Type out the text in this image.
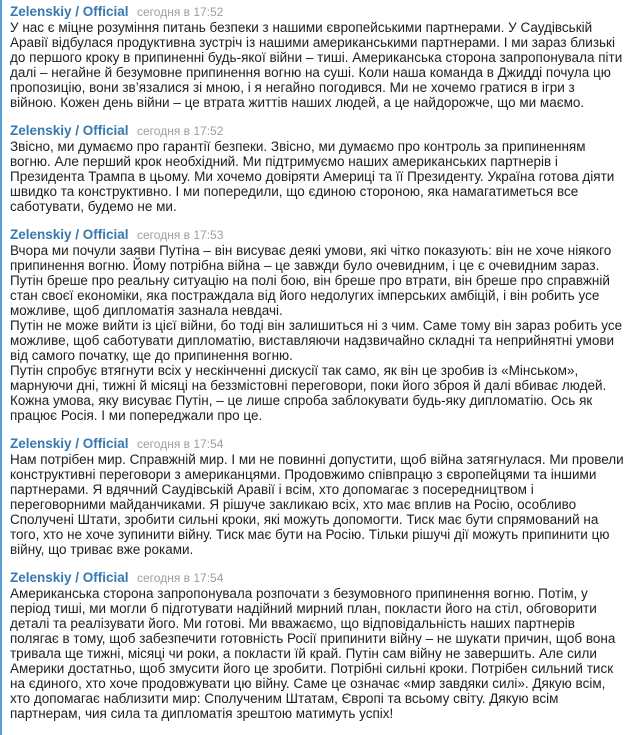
Zelenskiy / Official сегодня в 17:52

У нас є міцне розуміння питань безпеки з нашими європейськими партнерами. У Саудівській Аравії відбулася продуктивна зустріч із нашими американськими партнерами. І ми зараз близькі до першого кроку в припиненні будь-якої війни – тиші. Американська сторона запропонувала піти далі – негайне й безумовне припинення вогню на суші. Коли наша команда в Джидді почула цю пропозицію, вони зв’язалися зі мною, і я негайно погодився. Ми не хочемо гратися в ігри з війною. Кожен день війни – це втрата життів наших людей, а це найдорожче, що ми маємо.

Zelenskiy / Official сегодня в 17:52

Звісно, ми думаємо про гарантії безпеки. Звісно, ми думаємо про контроль за припиненням вогню. Але перший крок необхідний. Ми підтримуємо наших американських партнерів і Президента Трампа в цьому. Ми хочемо довіряти Америці та її Президенту. Україна готова діяти швидко та конструктивно. І ми попередили, що єдиною стороною, яка намагатиметься все саботувати, будемо не ми.

Zelenskiy / Official сегодня в 17:53

Вчора ми почули заяви Путіна – він висуває деякі умови, які чітко показують: він не хоче ніякого припинення вогню. Йому потрібна війна – це завжди було очевидним, і це є очевидним зараз.

Путін бреше про реальну ситуацію на полі бою, він бреше про втрати, він бреше про справжній стан своєї економіки, яка постраждала від його недолугих імперських амбіцій, і він робить усе можливе, щоб дипломатія зазнала невдачі.

Путін не може вийти із цієї війни, бо тоді він залишиться ні з чим. Саме тому він зараз робить усе можливе, щоб саботувати дипломатію, виставляючи надзвичайно складні та неприйнятні умови від самого початку, ще до припинення вогню.

Путін спробує втягнути всіх у нескінченні дискусії так само, як він це зробив із «Мінськом», марнуючи дні, тижні й місяці на беззмістовні переговори, поки його зброя й далі вбиває людей. Кожна умова, яку висуває Путін, – це лише спроба заблокувати будь-яку дипломатію. Ось як працює Росія. І ми попереджали про це.

Zelenskiy / Official сегодня в 17:54

Нам потрібен мир. Справжній мир. І ми не повинні допустити, щоб війна затягнулася. Ми провели конструктивні переговори з американцями. Продовжимо співпрацю з європейцями та іншими партнерами. Я вдячний Саудівській Аравії і всім, хто допомагає з посередництвом і переговорними майданчиками. Я рішуче закликаю всіх, хто має вплив на Росію, особливо Сполучені Штати, зробити сильні кроки, які можуть допомогти. Тиск має бути спрямований на того, хто не хоче зупинити війну. Тиск має бути на Росію. Тільки рішучі дії можуть припинити цю війну, що триває вже роками.

Zelenskiy / Official сегодня в 17:54

Американська сторона запропонувала розпочати з безумовного припинення вогню. Потім, у період тиші, ми могли б підготувати надійний мирний план, покласти його на стіл, обговорити деталі та реалізувати його. Ми готові. Ми вважаємо, що відповідальність наших партнерів полягає в тому, щоб забезпечити готовність Росії припинити війну – не шукати причин, щоб вона тривала ще тижні, місяці чи роки, а покласти їй край. Путін сам війну не завершить. Але сили Америки достатньо, щоб змусити його це зробити. Потрібні сильні кроки. Потрібен сильний тиск на єдиного, хто хоче продовжувати цю війну. Саме це означає «мир завдяки силі». Дякую всім, хто допомагає наблизити мир: Сполученим Штатам, Європі та всьому світу. Дякую всім партнерам, чия сила та дипломатія зрештою матимуть успіх!
